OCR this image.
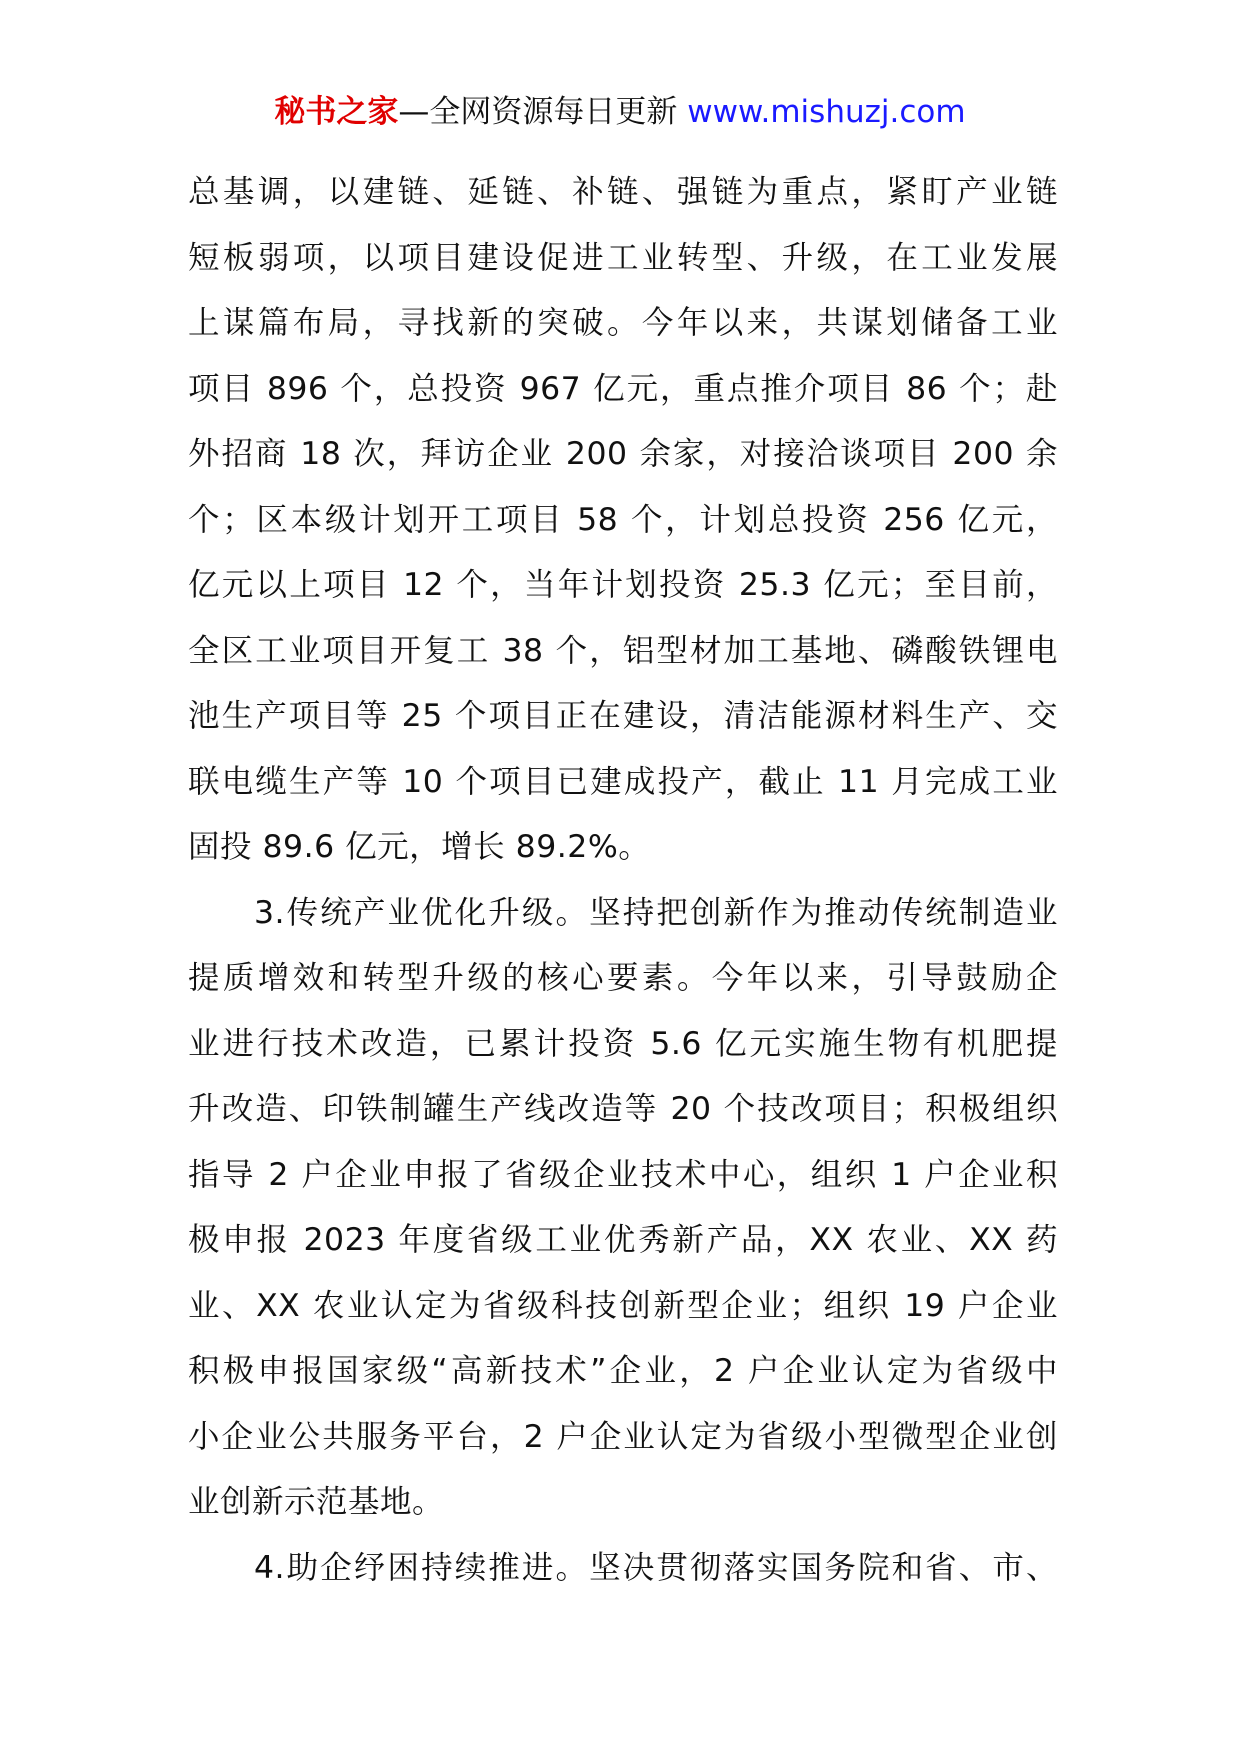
秘书之家—全网资源每日更新 www.mishuzj.com
总基调，以建链、延链、补链、强链为重点，紧盯产业链
短板弱项，以项目建设促进工业转型、升级，在工业发展
上谋篇布局，寻找新的突破。今年以来，共谋划储备工业
项目 896 个，总投资 967 亿元，重点推介项目 86 个；赴
外招商 18 次，拜访企业 200 余家，对接洽谈项目 200 余
个；区本级计划开工项目 58 个，计划总投资 256 亿元，
亿元以上项目 12 个，当年计划投资 25.3 亿元；至目前，
全区工业项目开复工 38 个，铝型材加工基地、磷酸铁锂电
池生产项目等 25 个项目正在建设，清洁能源材料生产、交
联电缆生产等 10 个项目已建成投产，截止 11 月完成工业
固投 89.6 亿元，增长 89.2%。
3.传统产业优化升级。坚持把创新作为推动传统制造业
提质增效和转型升级的核心要素。今年以来，引导鼓励企
业进行技术改造，已累计投资 5.6 亿元实施生物有机肥提
升改造、印铁制罐生产线改造等 20 个技改项目；积极组织
指导 2 户企业申报了省级企业技术中心，组织 1 户企业积
极申报 2023 年度省级工业优秀新产品，XX 农业、XX 药
业、XX 农业认定为省级科技创新型企业；组织 19 户企业
积极申报国家级“高新技术”企业，2 户企业认定为省级中
小企业公共服务平台，2 户企业认定为省级小型微型企业创
业创新示范基地。
4.助企纾困持续推进。坚决贯彻落实国务院和省、市、
